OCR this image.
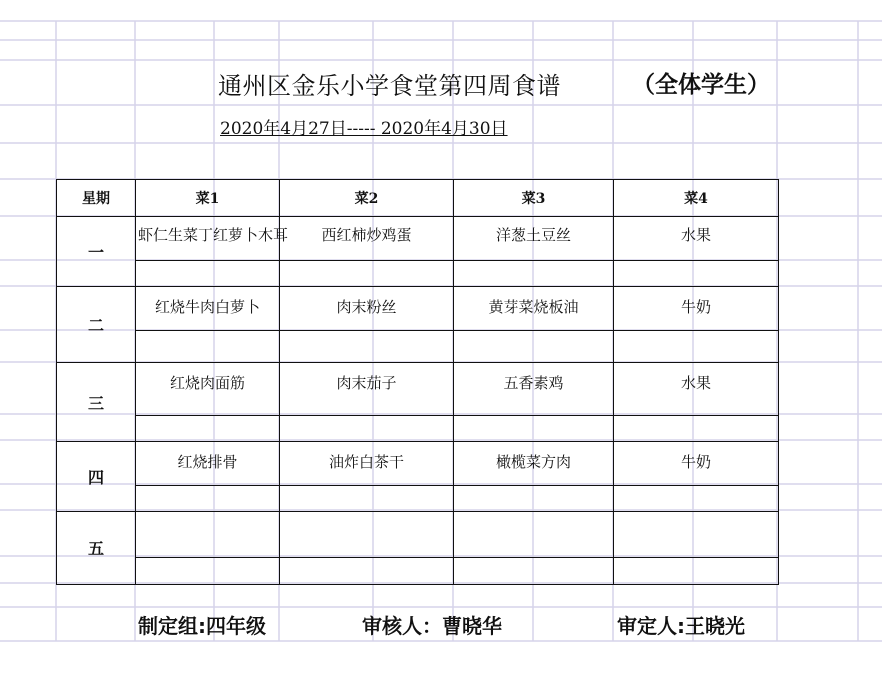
通州区金乐小学食堂第四周食谱	（全体学生）
2020年4月27日----- 2020年4月30日
星期	菜1	菜2	菜3	菜4
一	虾仁生菜丁红萝卜木耳	西红柿炒鸡蛋	洋葱土豆丝	水果

二	红烧牛肉白萝卜	肉末粉丝	黄芽菜烧板油	牛奶

三	红烧肉面筋	肉末茄子	五香素鸡	水果

四	红烧排骨	油炸白茶干	橄榄菜方肉	牛奶

五				

制定组:四年级	审核人：曹晓华	审定人:王晓光
